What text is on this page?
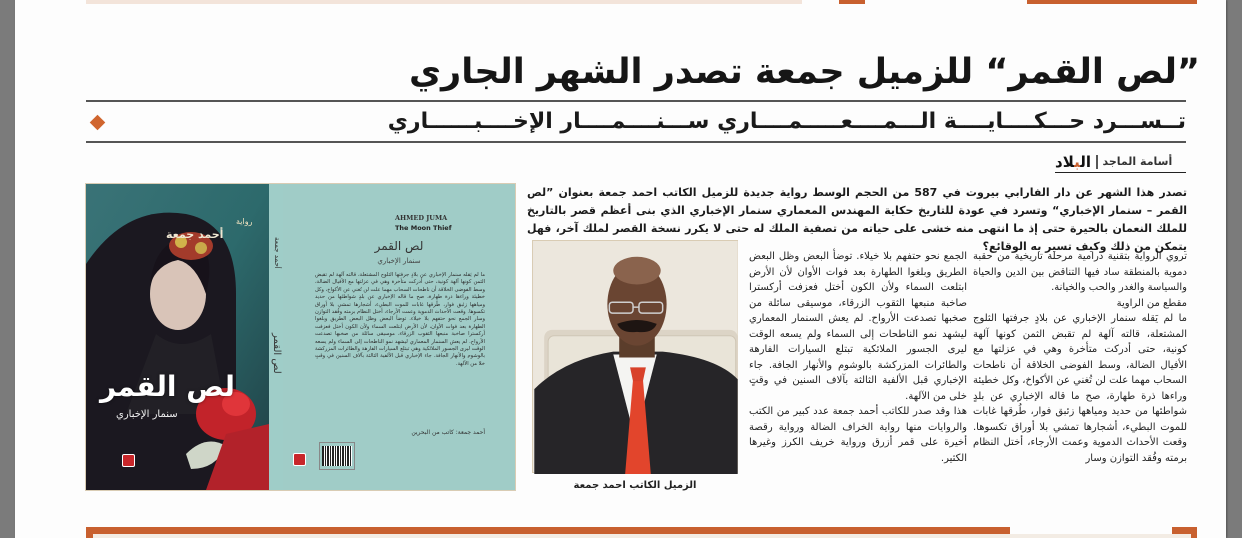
”لص القمر“ للزميل جمعة تصدر الشهر الجاري
تــســـرد حـــكــــايــــة الـــمــــعـــــمــــاري ســـنــــمــــار الإخــــبــــــاري
البلاد	أسامة الماجد

تصدر هذا الشهر عن دار الفارابي بيروت في 587 من الحجم الوسط رواية جديدة للزميل الكاتب احمد جمعة بعنوان ”لص القمر – سنمار الإخباري“ وتسرد في عودة للتاريخ حكاية المهندس المعماري سنمار الإخباري الذي بنى أعظم قصر بالتاريخ للملك النعمان بالحيرة حتى إذ ما انتهى منه خشى على حياته من تصفية الملك له حتى لا يكرر نسخة القصر لملك آخر، فهل يتمكن من ذلك وكيف تسير به الوقائع؟

تروي الرواية بتقنية درامية مرحلة تاريخية من حقبة دموية بالمنطقة ساد فيها التناقض بين الدين والحياة والسياسة والغدر والحب والخيانة.

مقطع من الراوية

ما لم يَقله سنمار الإخباري عن بلادٍ جرفتها الثلوج المشتعلة، قالته آلهة لم تقبض الثمن كونها آلهة كونية، حتى أدركت متأخرة وهي في عزلتها مع الأفيال الضالة، وسط الفوضى الخلاقة أن ناطحات السحاب مهما علت لن تُغني عن الأكواخ، وكل خطيئة وراءها ذرة طهارة، صح ما قاله الإخباري عن بلدٍ شواطئها من حديد ومياهها زئبق فوار، طُرقها غابات للموت البطيء، أشجارها تمشي بلا أوراق تكسوها. وقعت الأحداث الدموية وعمت الأرجاء، أختل النظام برمته وفُقد التوازن وسار

الجمع نحو حتفهم بلا خيلاء. توضأ البعض وظل البعض الطريق وبلغوا الطهارة بعد فوات الأوان لأن الأرض ابتلعت السماء ولأن الكون أختل فعزفت أركسترا صاخبة منبعها الثقوب الزرقاء، موسيقى سائلة من صخبها تصدعت الأرواح. لم يعش السنمار المعماري ليشهد نمو الناطحات إلى السماء ولم يسعه الوقت ليرى الجسور الملائكية تبتلع السيارات الفارهة والطائرات المزركشة بالوشوم والأنهار الجافة. جاء الإخباري قبل الألفية الثالثة بآلاف السنين في وقتٍ خلى من الآلهة.

هذا وقد صدر للكاتب أحمد جمعة عدد كبير من الكتب والروايات منها رواية الخراف الضالة ورواية رقصة أخيرة على قمر أزرق ورواية خريف الكرز وغيرها الكثير.

الزميل الكاتب احمد جمعة
رواية
أحمد جمعة
لص القمر
سنمار الإخباري
أحمد جمعة
لص القمر
AHMED JUMA
The Moon Thief
لص القمر
سنمار الإخباري
ما لم يَقله سنمار الإخباري عن بلادٍ جرفتها الثلوج المشتعلة، قالته آلهة لم تقبض الثمن كونها آلهة كونية، حتى أدركت متأخرة وهي في عزلتها مع الأفيال الضالة، وسط الفوضى الخلاقة أن ناطحات السحاب مهما علت لن تُغني عن الأكواخ، وكل خطيئة وراءها ذرة طهارة، صح ما قاله الإخباري عن بلدٍ شواطئها من حديد ومياهها زئبق فوار، طُرقها غابات للموت البطيء، أشجارها تمشي بلا أوراق تكسوها. وقعت الأحداث الدموية وعمت الأرجاء، أختل النظام برمته وفُقد التوازن وسار الجمع نحو حتفهم بلا خيلاء. توضأ البعض وظل البعض الطريق وبلغوا الطهارة بعد فوات الأوان، لأن الأرض ابتلعت السماء ولأن الكون أختل فعزفت أركسترا صاخبة منبعها الثقوب الزرقاء، موسيقى سائلة من صخبها تصدعت الأرواح. لم يعش السنمار المعماري ليشهد نمو الناطحات إلى السماء ولم يسعه الوقت ليرى الجسور الملائكية وهي تبتلع السيارات الفارهة والطائرات المزركشة بالوشوم والأنهار الجافة. جاء الإخباري قبل الألفية الثالثة بآلاف السنين في وقتٍ خلا من الآلهة.
أحمد جمعة: كاتب من البحرين
